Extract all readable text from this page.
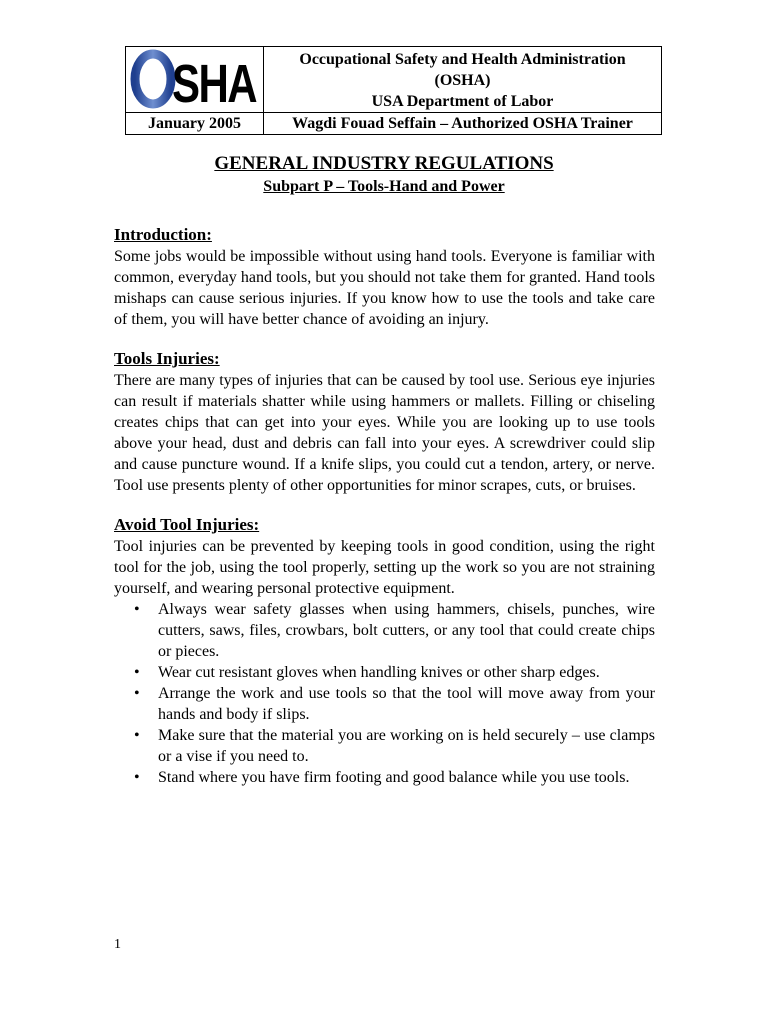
SHA	Occupational Safety and Health Administration
(OSHA)
USA Department of Labor

January 2005	Wagdi Fouad Seffain – Authorized OSHA Trainer
GENERAL INDUSTRY REGULATIONS
Subpart P – Tools-Hand and Power
Introduction:

Some jobs would be impossible without using hand tools. Everyone is familiar with common, everyday hand tools, but you should not take them for granted. Hand tools mishaps can cause serious injuries. If you know how to use the tools and take care of them, you will have better chance of avoiding an injury.

Tools Injuries:

There are many types of injuries that can be caused by tool use. Serious eye injuries can result if materials shatter while using hammers or mallets. Filling or chiseling creates chips that can get into your eyes. While you are looking up to use tools above your head, dust and debris can fall into your eyes. A screwdriver could slip and cause puncture wound. If a knife slips, you could cut a tendon, artery, or nerve. Tool use presents plenty of other opportunities for minor scrapes, cuts, or bruises.

Avoid Tool Injuries:

Tool injuries can be prevented by keeping tools in good condition, using the right tool for the job, using the tool properly, setting up the work so you are not straining yourself, and wearing personal protective equipment.

• Always wear safety glasses when using hammers, chisels, punches, wire cutters, saws, files, crowbars, bolt cutters, or any tool that could create chips or pieces.
• Wear cut resistant gloves when handling knives or other sharp edges.
• Arrange the work and use tools so that the tool will move away from your hands and body if slips.
• Make sure that the material you are working on is held securely – use clamps or a vise if you need to.
• Stand where you have firm footing and good balance while you use tools.
1
